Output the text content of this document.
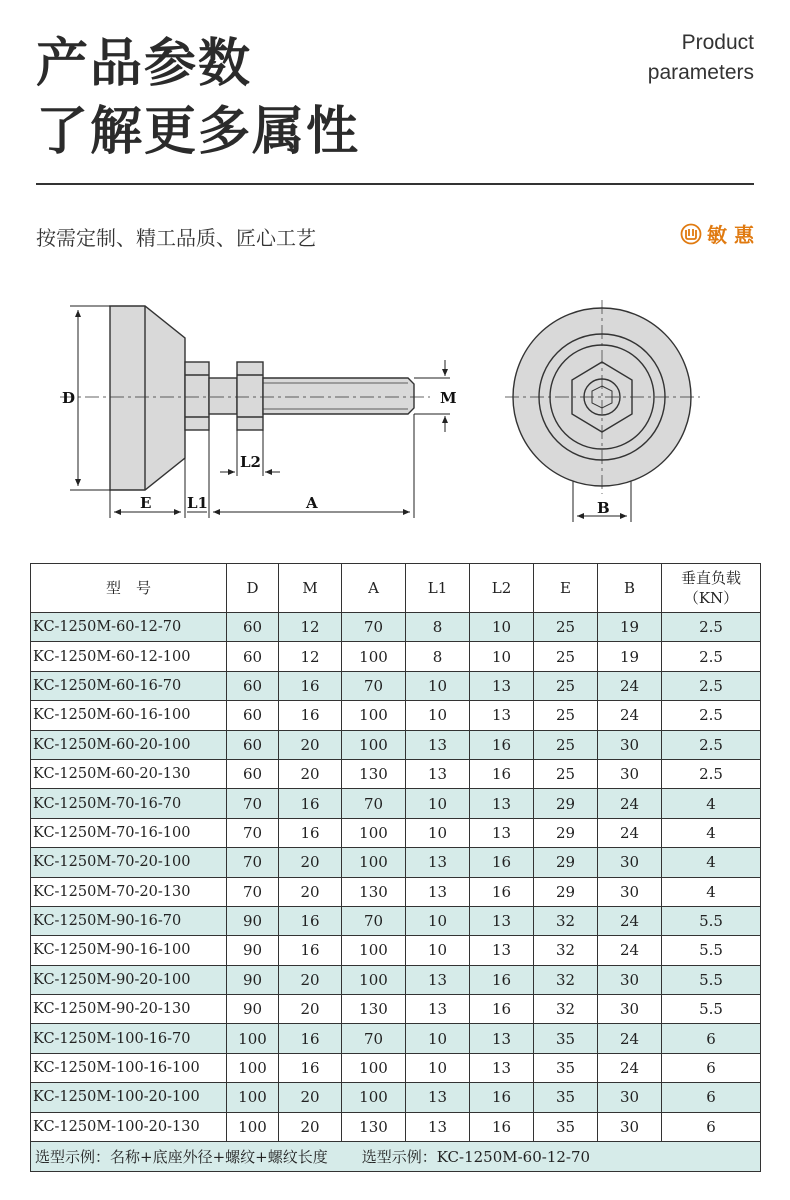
产品参数
了解更多属性
Product
parameters
按需定制、精工品质、匠心工艺	敏 惠
D	M
L2
E L1	A	B
型　号	D	M	A	L1	L2	E	B	垂直负载
（KN）

KC-1250M-60-12-70	60	12	70	8	10	25	19	2.5
KC-1250M-60-12-100	60	12	100	8	10	25	19	2.5
KC-1250M-60-16-70	60	16	70	10	13	25	24	2.5
KC-1250M-60-16-100	60	16	100	10	13	25	24	2.5
KC-1250M-60-20-100	60	20	100	13	16	25	30	2.5
KC-1250M-60-20-130	60	20	130	13	16	25	30	2.5
KC-1250M-70-16-70	70	16	70	10	13	29	24	4
KC-1250M-70-16-100	70	16	100	10	13	29	24	4
KC-1250M-70-20-100	70	20	100	13	16	29	30	4
KC-1250M-70-20-130	70	20	130	13	16	29	30	4
KC-1250M-90-16-70	90	16	70	10	13	32	24	5.5
KC-1250M-90-16-100	90	16	100	10	13	32	24	5.5
KC-1250M-90-20-100	90	20	100	13	16	32	30	5.5
KC-1250M-90-20-130	90	20	130	13	16	32	30	5.5
KC-1250M-100-16-70	100	16	70	10	13	35	24	6
KC-1250M-100-16-100	100	16	100	10	13	35	24	6
KC-1250M-100-20-100	100	20	100	13	16	35	30	6
KC-1250M-100-20-130	100	20	130	13	16	35	30	6
选型示例：名称+底座外径+螺纹+螺纹长度 选型示例：KC-1250M-60-12-70								
